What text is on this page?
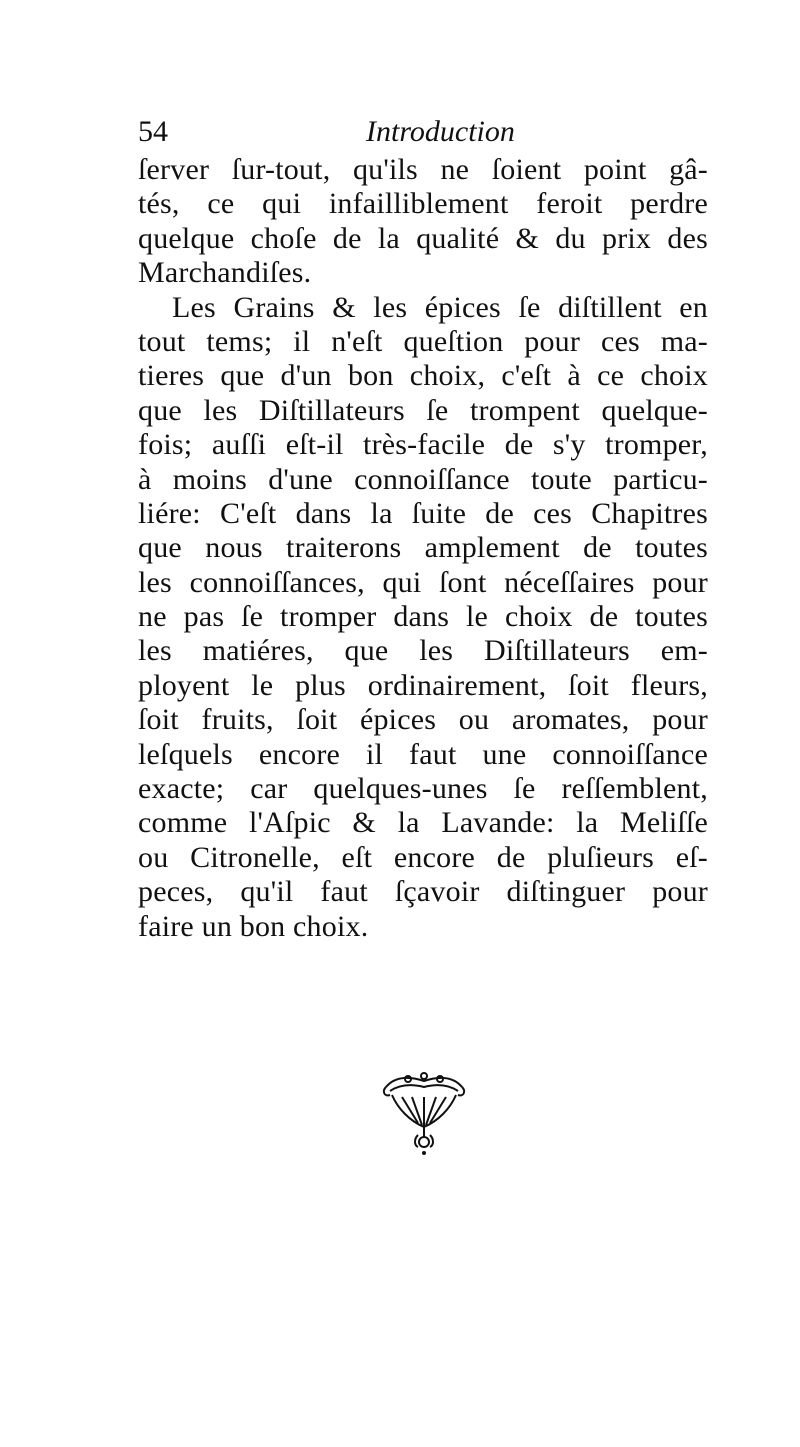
54	Introduction
ſerver ſur-tout, qu'ils ne ſoient point gâ-
tés, ce qui infailliblement feroit perdre
quelque choſe de la qualité & du prix des
Marchandiſes.
Les Grains & les épices ſe diſtillent en
tout tems; il n'eſt queſtion pour ces ma-
tieres que d'un bon choix, c'eſt à ce choix
que les Diſtillateurs ſe trompent quelque-
fois; auſſi eſt-il très-facile de s'y tromper,
à moins d'une connoiſſance toute particu-
liére: C'eſt dans la ſuite de ces Chapitres
que nous traiterons amplement de toutes
les connoiſſances, qui ſont néceſſaires pour
ne pas ſe tromper dans le choix de toutes
les matiéres, que les Diſtillateurs em-
ployent le plus ordinairement, ſoit fleurs,
ſoit fruits, ſoit épices ou aromates, pour
leſquels encore il faut une connoiſſance
exacte; car quelques-unes ſe reſſemblent,
comme l'Aſpic & la Lavande: la Meliſſe
ou Citronelle, eſt encore de pluſieurs eſ-
peces, qu'il faut ſçavoir diſtinguer pour
faire un bon choix.
